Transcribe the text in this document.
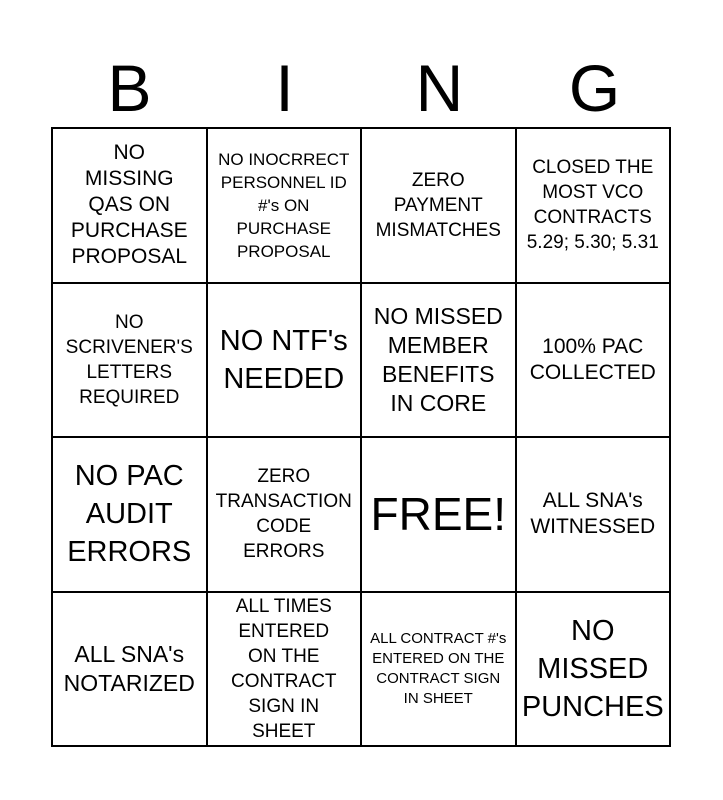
B	I	N	G
NO MISSING QAS ON PURCHASE PROPOSAL
NO INOCRRECT PERSONNEL ID #'s ON PURCHASE PROPOSAL
ZERO PAYMENT MISMATCHES
CLOSED THE MOST VCO CONTRACTS 5.29; 5.30; 5.31
NO SCRIVENER'S LETTERS REQUIRED
NO NTF's NEEDED
NO MISSED MEMBER BENEFITS IN CORE
100% PAC COLLECTED
NO PAC AUDIT ERRORS
ZERO TRANSACTION CODE ERRORS
FREE!	ALL SNA's WITNESSED
ALL SNA's NOTARIZED
ALL TIMES ENTERED ON THE CONTRACT SIGN IN SHEET
ALL CONTRACT #'s ENTERED ON THE CONTRACT SIGN IN SHEET
NO MISSED PUNCHES
